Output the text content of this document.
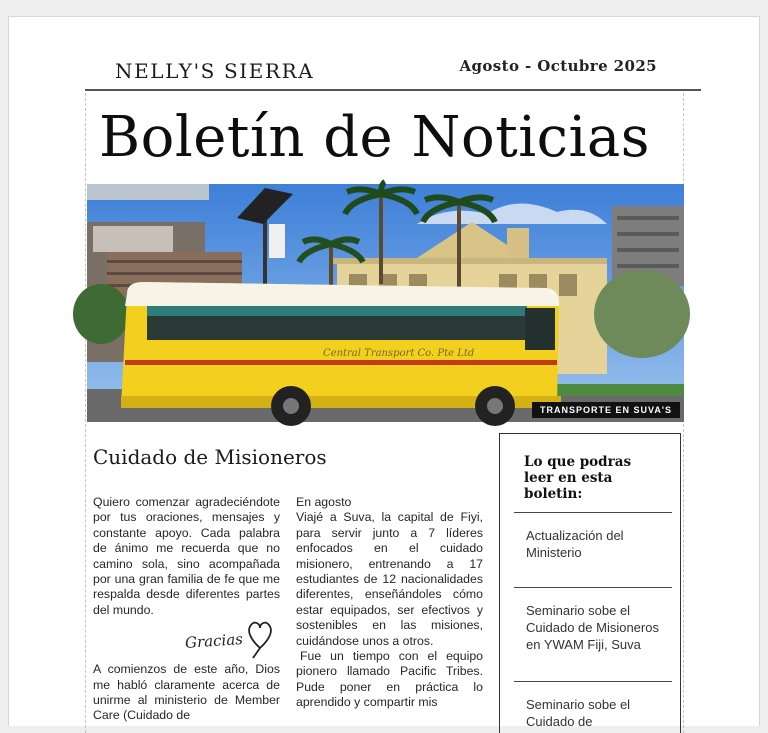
NELLY'S SIERRA	Agosto - Octubre 2025
Boletín de Noticias
Central Transport Co. Pte Ltd
TRANSPORTE EN SUVA'S
Cuidado de Misioneros

Quiero comenzar agradeciéndote por tus oraciones, mensajes y constante apoyo. Cada palabra de ánimo me recuerda que no camino sola, sino acompañada por una gran familia de fe que me respalda desde diferentes partes del mundo.

Gracias

A comienzos de este año, Dios me habló claramente acerca de unirme al ministerio de Member Care (Cuidado de

En agosto

Viajé a Suva, la capital de Fiyi, para servir junto a 7 líderes enfocados en el cuidado misionero, entrenando a 17 estudiantes de 12 nacionalidades diferentes, enseñándoles cómo estar equipados, ser efectivos y sostenibles en las misiones, cuidándose unos a otros.

Fue un tiempo con el equipo pionero llamado Pacific Tribes. Pude poner en práctica lo aprendido y compartir mis

Lo que podras leer en esta boletin:
Actualización del Ministerio
Seminario sobe el Cuidado de Misioneros en YWAM Fiji, Suva
Seminario sobe el Cuidado de
